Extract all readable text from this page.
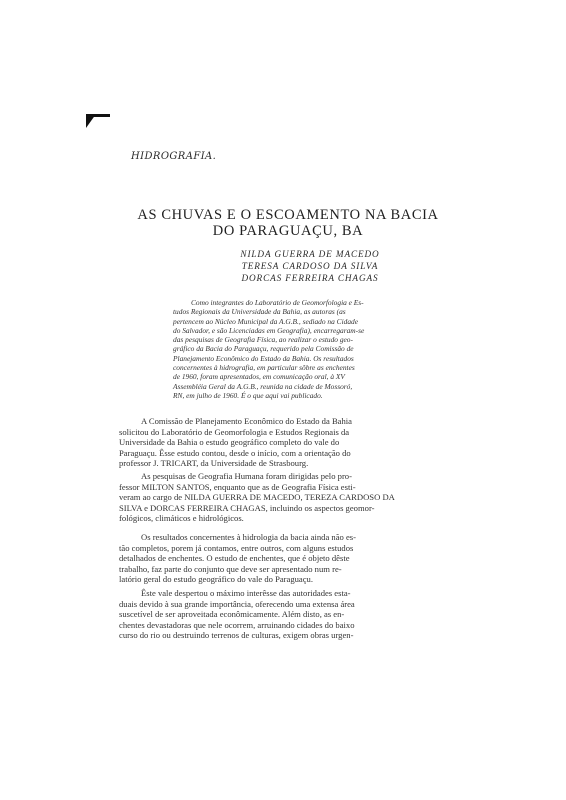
HIDROGRAFIA.
AS CHUVAS E O ESCOAMENTO NA BACIA
DO PARAGUAÇU, BA
NILDA GUERRA DE MACEDO
TERESA CARDOSO DA SILVA
DORCAS FERREIRA CHAGAS
Como integrantes do Laboratório de Geomorfologia e Es-
tudos Regionais da Universidade da Bahia, as autoras (as
pertencem ao Núcleo Municipal da A.G.B., sediado na Cidade
do Salvador, e são Licenciadas em Geografia), encarregaram-se
das pesquisas de Geografia Física, ao realizar o estudo geo-
gráfico da Bacia do Paraguaçu, requerido pela Comissão de
Planejamento Econômico do Estado da Bahia. Os resultados
concernentes à hidrografia, em particular sôbre as enchentes
de 1960, foram apresentados, em comunicação oral, à XV
Assembléia Geral da A.G.B., reunida na cidade de Mossoró,
RN, em julho de 1960. É o que aqui vai publicado.
A Comissão de Planejamento Econômico do Estado da Bahia
solicitou do Laboratório de Geomorfologia e Estudos Regionais da
Universidade da Bahia o estudo geográfico completo do vale do
Paraguaçu. Êsse estudo contou, desde o início, com a orientação do
professor J. TRICART, da Universidade de Strasbourg.
As pesquisas de Geografia Humana foram dirigidas pelo pro-
fessor MILTON SANTOS, enquanto que as de Geografia Física esti-
veram ao cargo de NILDA GUERRA DE MACEDO, TEREZA CARDOSO DA
SILVA e DORCAS FERREIRA CHAGAS, incluindo os aspectos geomor-
fológicos, climáticos e hidrológicos.
Os resultados concernentes à hidrologia da bacia ainda não es-
tão completos, porem já contamos, entre outros, com alguns estudos
detalhados de enchentes. O estudo de enchentes, que é objeto dêste
trabalho, faz parte do conjunto que deve ser apresentado num re-
latório geral do estudo geográfico do vale do Paraguaçu.
Êste vale despertou o máximo interêsse das autoridades estа-
duais devido à sua grande importância, oferecendo uma extensa área
suscetível de ser aproveitada econômicamente. Além disto, as en-
chentes devastadoras que nele ocorrem, arruinando cidades do baixo
curso do rio ou destruindo terrenos de culturas, exigem obras urgen-
